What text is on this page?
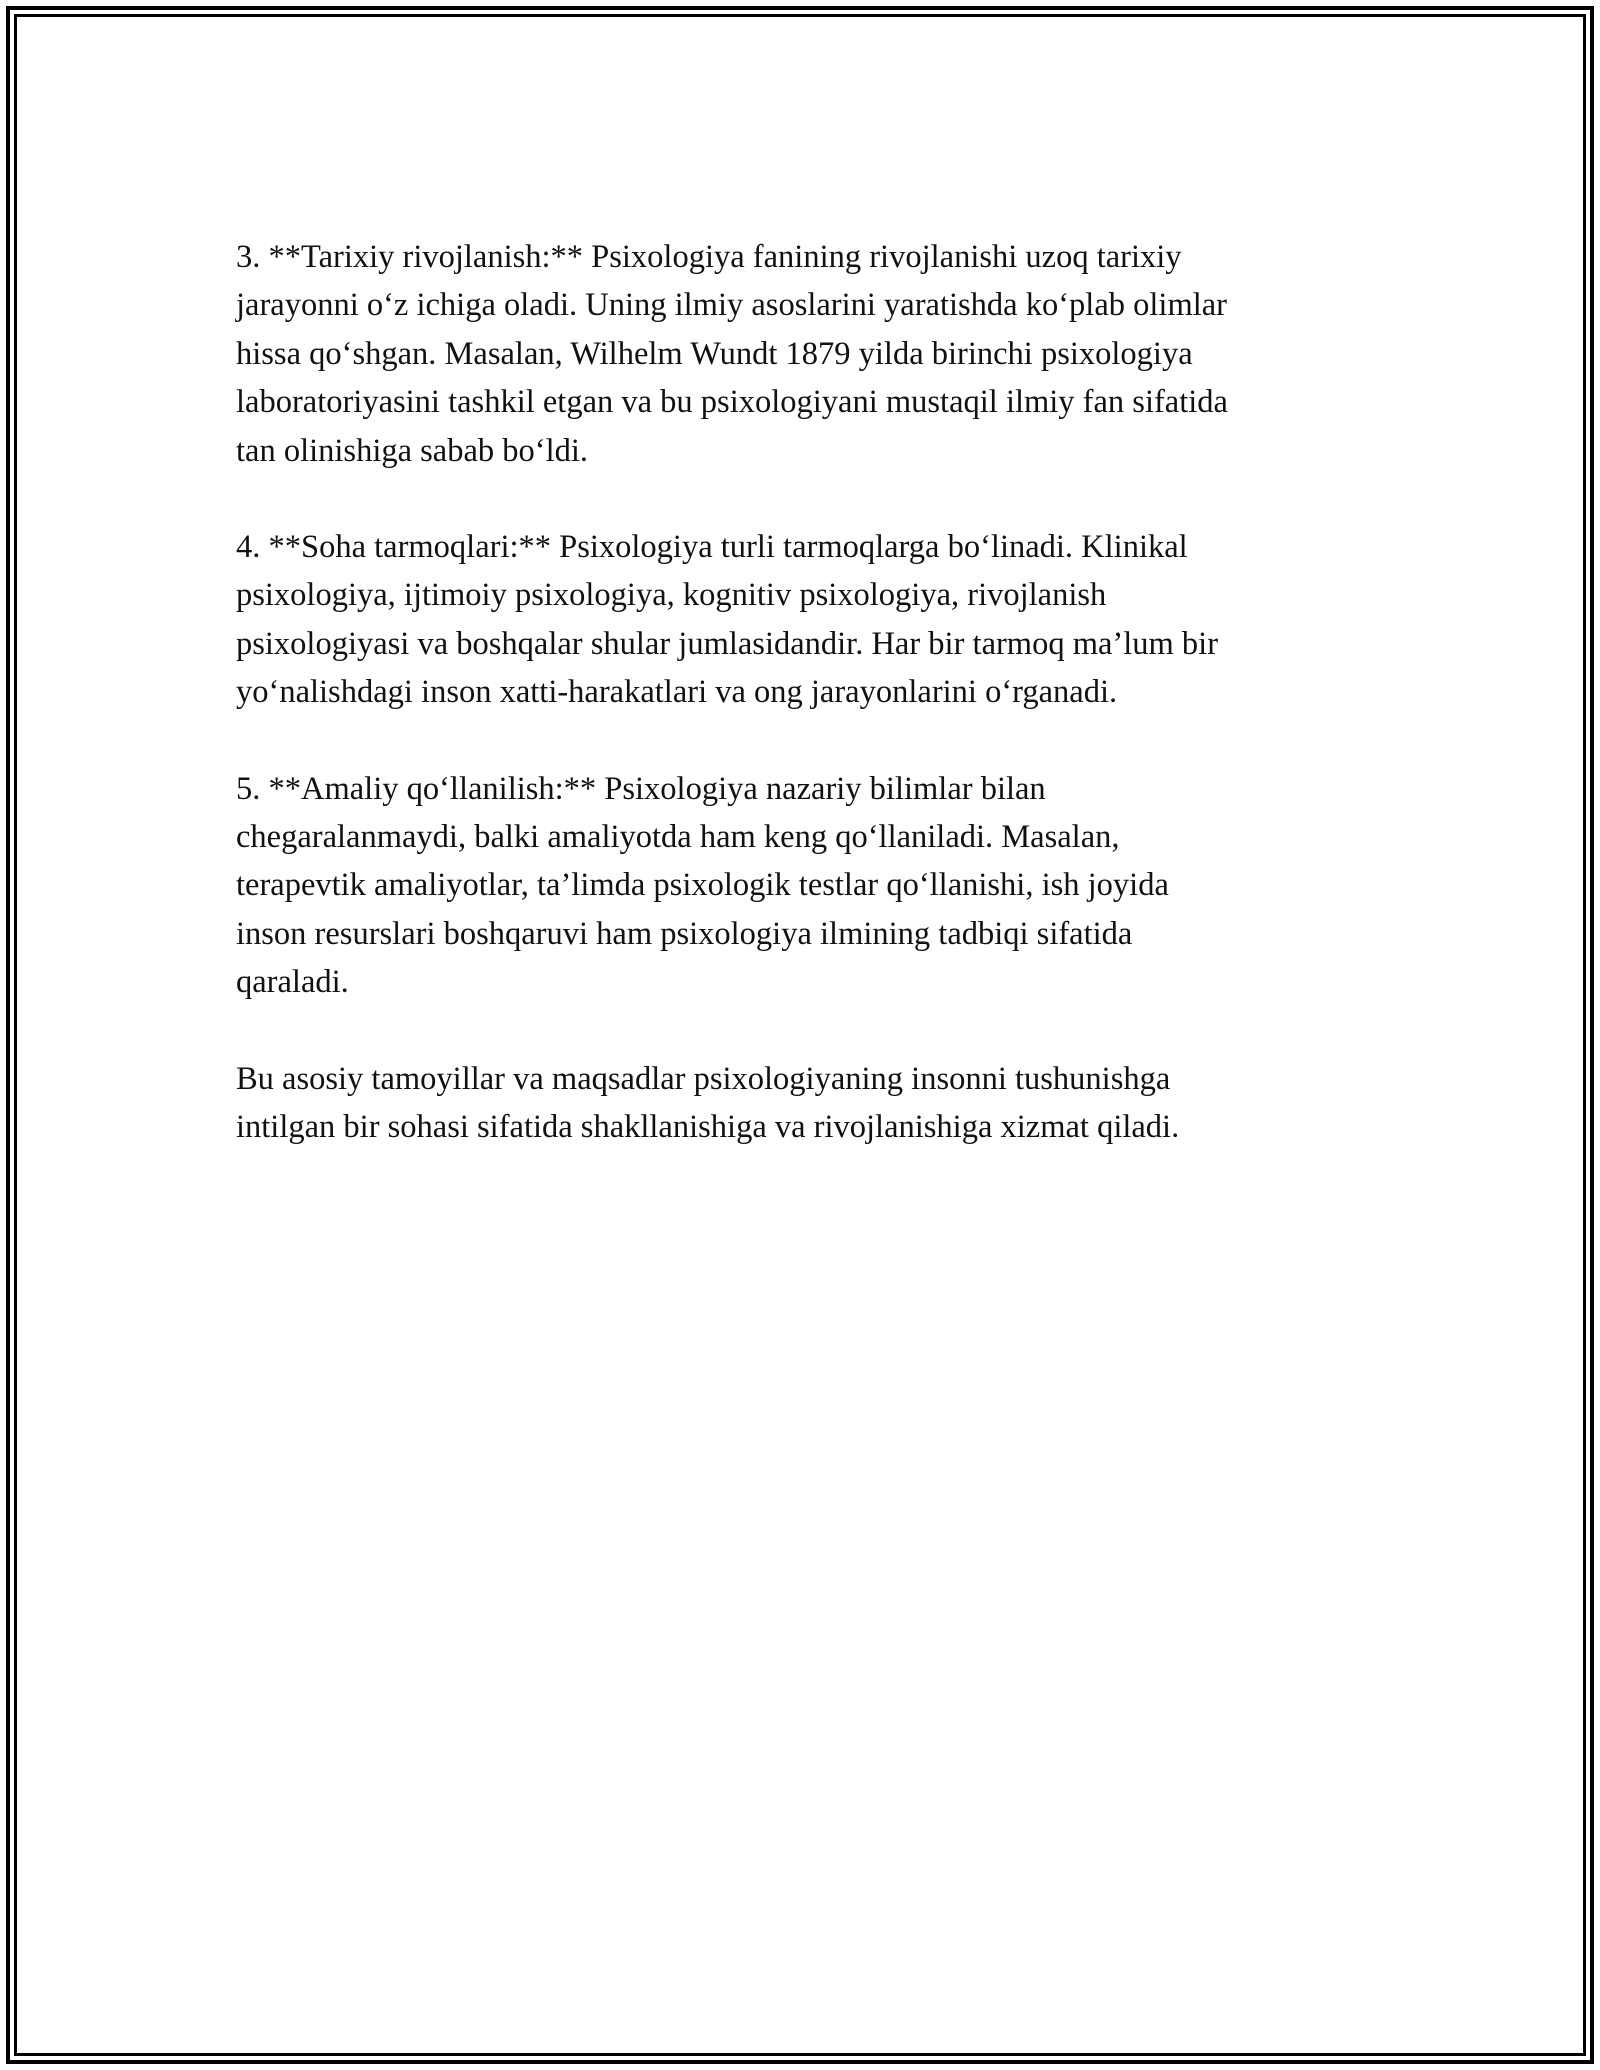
3. **Tarixiy rivojlanish:** Psixologiya fanining rivojlanishi uzoq tarixiy
jarayonni o‘z ichiga oladi. Uning ilmiy asoslarini yaratishda ko‘plab olimlar
hissa qo‘shgan. Masalan, Wilhelm Wundt 1879 yilda birinchi psixologiya
laboratoriyasini tashkil etgan va bu psixologiyani mustaqil ilmiy fan sifatida
tan olinishiga sabab bo‘ldi.

4. **Soha tarmoqlari:** Psixologiya turli tarmoqlarga bo‘linadi. Klinikal
psixologiya, ijtimoiy psixologiya, kognitiv psixologiya, rivojlanish
psixologiyasi va boshqalar shular jumlasidandir. Har bir tarmoq ma’lum bir
yo‘nalishdagi inson xatti-harakatlari va ong jarayonlarini o‘rganadi.

5. **Amaliy qo‘llanilish:** Psixologiya nazariy bilimlar bilan
chegaralanmaydi, balki amaliyotda ham keng qo‘llaniladi. Masalan,
terapevtik amaliyotlar, ta’limda psixologik testlar qo‘llanishi, ish joyida
inson resurslari boshqaruvi ham psixologiya ilmining tadbiqi sifatida
qaraladi.

Bu asosiy tamoyillar va maqsadlar psixologiyaning insonni tushunishga
intilgan bir sohasi sifatida shakllanishiga va rivojlanishiga xizmat qiladi.
